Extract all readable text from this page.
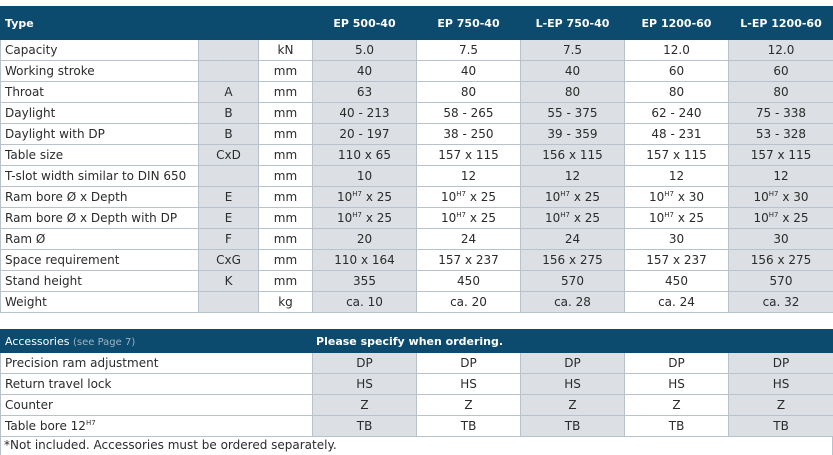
Type			EP 500-40	EP 750-40	L-EP 750-40	EP 1200-60	L-EP 1200-60
Capacity		kN	5.0	7.5	7.5	12.0	12.0
Working stroke		mm	40	40	40	60	60
Throat	A	mm	63	80	80	80	80
Daylight	B	mm	40 - 213	58 - 265	55 - 375	62 - 240	75 - 338
Daylight with DP	B	mm	20 - 197	38 - 250	39 - 359	48 - 231	53 - 328
Table size	CxD	mm	110 x 65	157 x 115	156 x 115	157 x 115	157 x 115
T-slot width similar to DIN 650		mm	10	12	12	12	12
Ram bore Ø x Depth	E	mm	$10^{H7}$ x 25	$10^{H7}$ x 25	$10^{H7}$ x 25	$10^{H7}$ x 30	$10^{H7}$ x 30
Ram bore Ø x Depth with DP	E	mm	$10^{H7}$ x 25	$10^{H7}$ x 25	$10^{H7}$ x 25	$10^{H7}$ x 25	$10^{H7}$ x 25
Ram Ø	F	mm	20	24	24	30	30
Space requirement	CxG	mm	110 x 164	157 x 237	156 x 275	157 x 237	156 x 275
Stand height	K	mm	355	450	570	450	570
Weight		kg	ca. 10	ca. 20	ca. 28	ca. 24	ca. 32
Accessories (see Page 7)	Please specify when ordering.				
Precision ram adjustment	DP	DP	DP	DP	DP
Return travel lock	HS	HS	HS	HS	HS
Counter	Z	Z	Z	Z	Z
Table bore $12^{H7}$	TB	TB	TB	TB	TB
*Not included. Accessories must be ordered separately.
